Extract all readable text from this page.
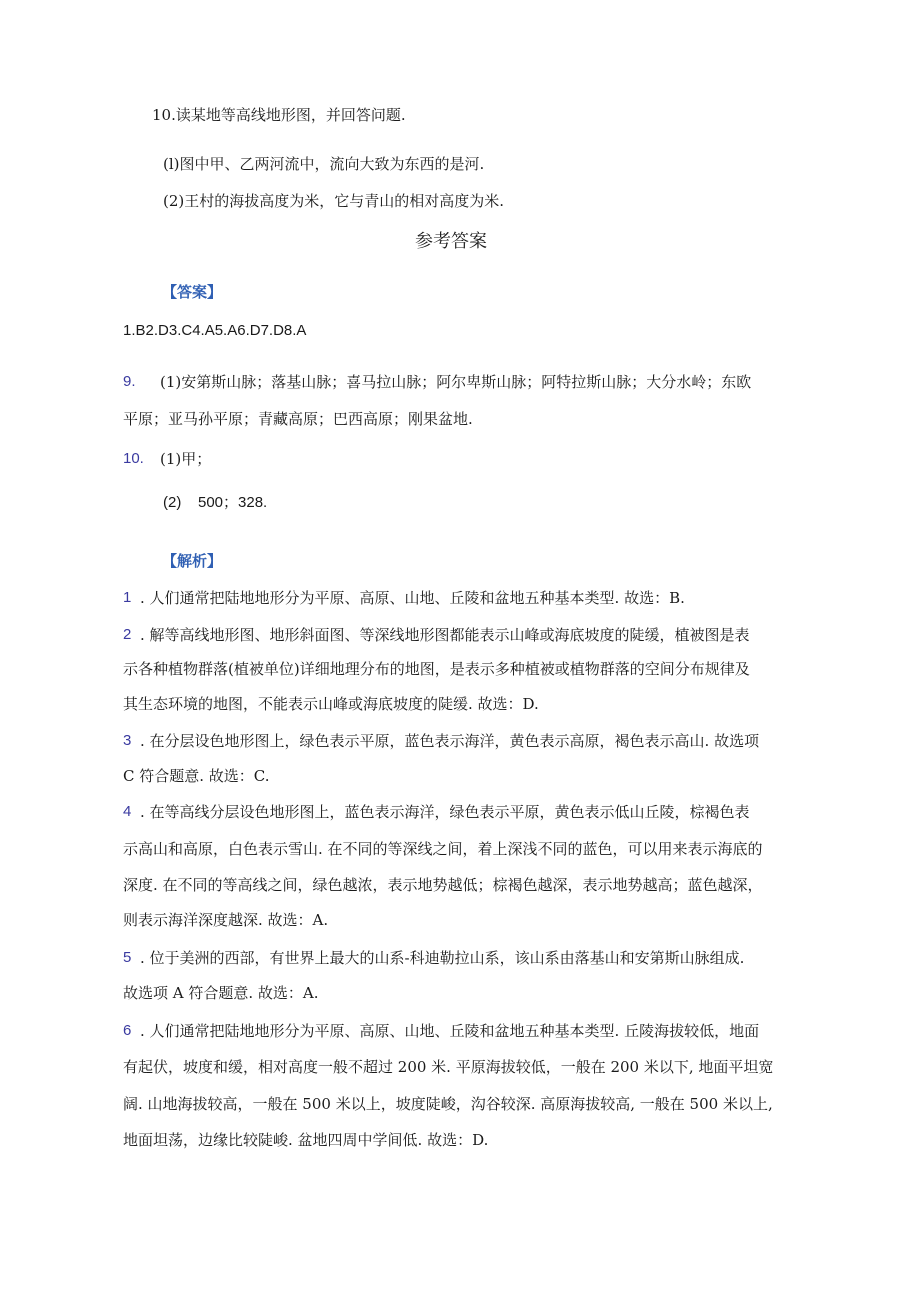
10.读某地等高线地形图，并回答问题.
(l)图中甲、乙两河流中，流向大致为东西的是河.
(2)王村的海拔高度为米，它与青山的相对高度为米.
参考答案
【答案】
1.B2.D3.C4.A5.A6.D7.D8.A
9. (1)安第斯山脉；落基山脉；喜马拉山脉；阿尔卑斯山脉；阿特拉斯山脉；大分水岭；东欧
平原；亚马孙平原；青藏高原；巴西高原；刚果盆地.
10. (1)甲；
(2)    500；328.
【解析】
1 . 人们通常把陆地地形分为平原、高原、山地、丘陵和盆地五种基本类型. 故选：B.
2 . 解等高线地形图、地形斜面图、等深线地形图都能表示山峰或海底坡度的陡缓，植被图是表
示各种植物群落(植被单位)详细地理分布的地图，是表示多种植被或植物群落的空间分布规律及
其生态环境的地图，不能表示山峰或海底坡度的陡缓. 故选：D.
3 . 在分层设色地形图上，绿色表示平原，蓝色表示海洋，黄色表示高原，褐色表示高山. 故选项
C 符合题意. 故选：C.
4 . 在等高线分层设色地形图上，蓝色表示海洋，绿色表示平原，黄色表示低山丘陵，棕褐色表
示高山和高原，白色表示雪山. 在不同的等深线之间，着上深浅不同的蓝色，可以用来表示海底的
深度. 在不同的等高线之间，绿色越浓，表示地势越低；棕褐色越深，表示地势越高；蓝色越深，
则表示海洋深度越深. 故选：A.
5 . 位于美洲的西部，有世界上最大的山系-科迪勒拉山系，该山系由落基山和安第斯山脉组成.
故选项 A 符合题意. 故选：A.
6 . 人们通常把陆地地形分为平原、高原、山地、丘陵和盆地五种基本类型. 丘陵海拔较低，地面
有起伏，坡度和缓，相对高度一般不超过 200 米. 平原海拔较低，一般在 200 米以下, 地面平坦宽
阔. 山地海拔较高，一般在 500 米以上，坡度陡峻，沟谷较深. 高原海拔较高, 一般在 500 米以上,
地面坦荡，边缘比较陡峻. 盆地四周中学间低. 故选：D.
